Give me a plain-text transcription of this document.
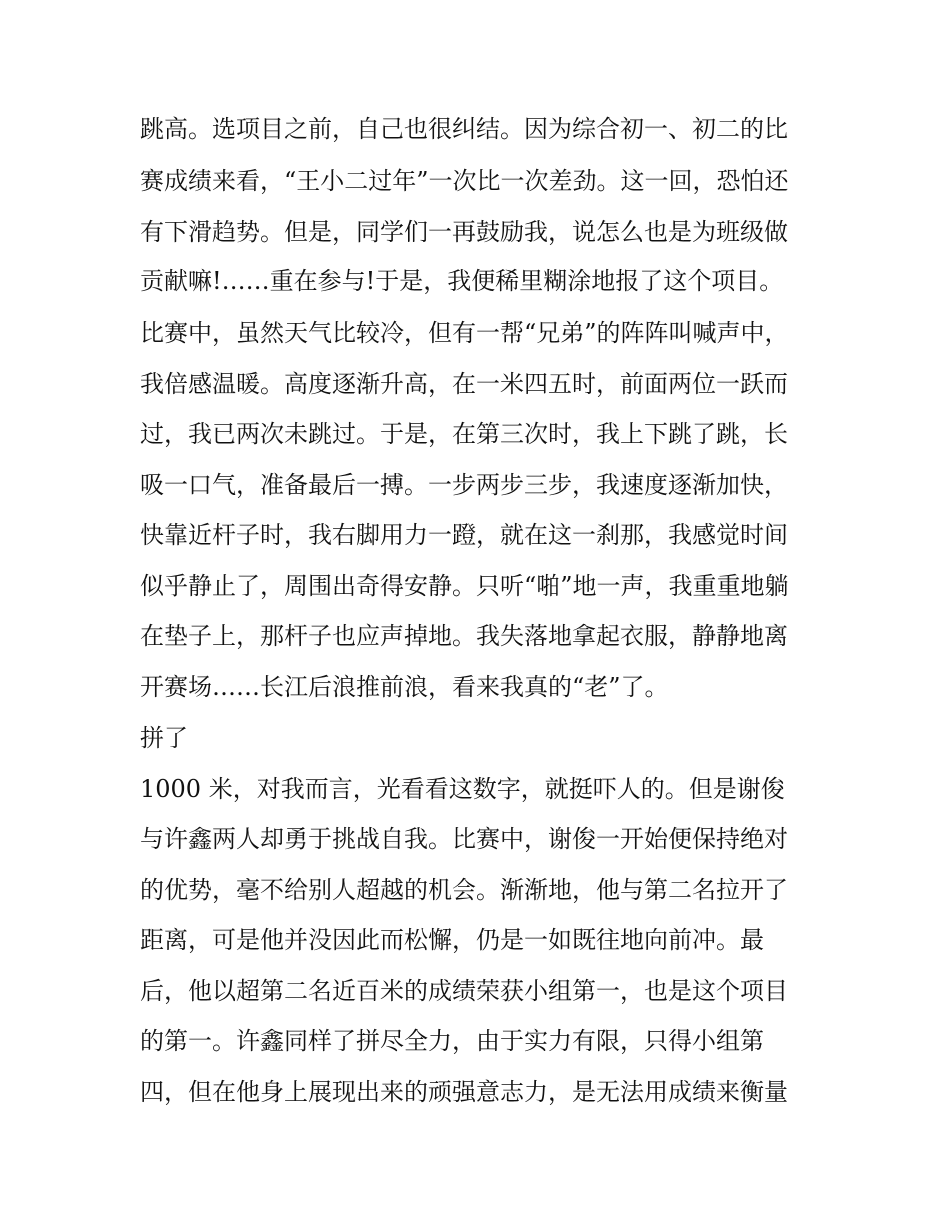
跳高。选项目之前，自己也很纠结。因为综合初一、初二的比
赛成绩来看，“王小二过年”一次比一次差劲。这一回，恐怕还
有下滑趋势。但是，同学们一再鼓励我，说怎么也是为班级做
贡献嘛!……重在参与!于是，我便稀里糊涂地报了这个项目。
比赛中，虽然天气比较冷，但有一帮“兄弟”的阵阵叫喊声中，
我倍感温暖。高度逐渐升高，在一米四五时，前面两位一跃而
过，我已两次未跳过。于是，在第三次时，我上下跳了跳，长
吸一口气，准备最后一搏。一步两步三步，我速度逐渐加快，
快靠近杆子时，我右脚用力一蹬，就在这一刹那，我感觉时间
似乎静止了，周围出奇得安静。只听“啪”地一声，我重重地躺
在垫子上，那杆子也应声掉地。我失落地拿起衣服，静静地离
开赛场……长江后浪推前浪，看来我真的“老”了。
拼了
1000 米，对我而言，光看看这数字，就挺吓人的。但是谢俊
与许鑫两人却勇于挑战自我。比赛中，谢俊一开始便保持绝对
的优势，毫不给别人超越的机会。渐渐地，他与第二名拉开了
距离，可是他并没因此而松懈，仍是一如既往地向前冲。最
后，他以超第二名近百米的成绩荣获小组第一，也是这个项目
的第一。许鑫同样了拼尽全力，由于实力有限，只得小组第
四，但在他身上展现出来的顽强意志力，是无法用成绩来衡量
